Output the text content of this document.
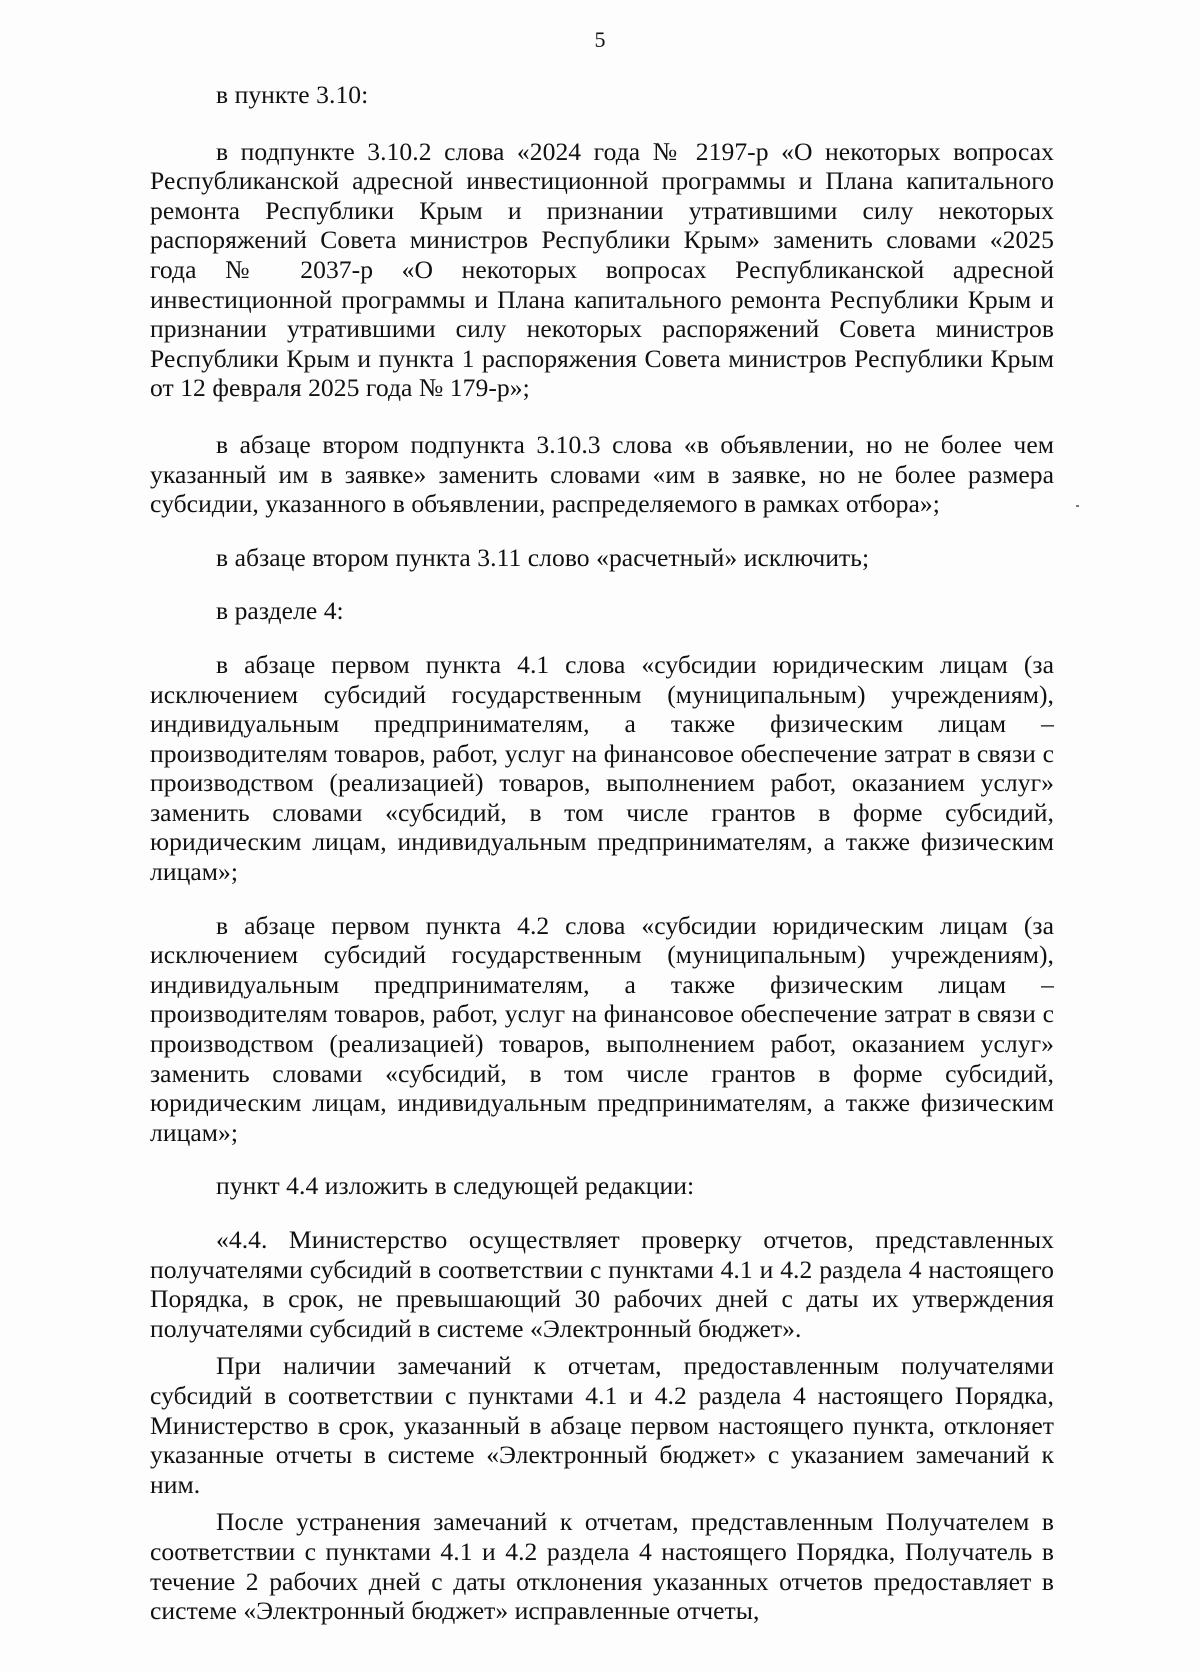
5

в пункте 3.10:

в подпункте 3.10.2 слова «2024 года № 2197-р «О некоторых вопросах Республиканской адресной инвестиционной программы и Плана капитального ремонта Республики Крым и признании утратившими силу некоторых распоряжений Совета министров Республики Крым» заменить словами «2025 года № 2037-р «О некоторых вопросах Республиканской адресной инвестиционной программы и Плана капитального ремонта Республики Крым и признании утратившими силу некоторых распоряжений Совета министров Республики Крым и пункта 1 распоряжения Совета министров Республики Крым от 12 февраля 2025 года № 179-р»;

в абзаце втором подпункта 3.10.3 слова «в объявлении, но не более чем указанный им в заявке» заменить словами «им в заявке, но не более размера субсидии, указанного в объявлении, распределяемого в рамках отбора»;

в абзаце втором пункта 3.11 слово «расчетный» исключить;

в разделе 4:

в абзаце первом пункта 4.1 слова «субсидии юридическим лицам (за исключением субсидий государственным (муниципальным) учреждениям), индивидуальным предпринимателям, а также физическим лицам – производителям товаров, работ, услуг на финансовое обеспечение затрат в связи с производством (реализацией) товаров, выполнением работ, оказанием услуг» заменить словами «субсидий, в том числе грантов в форме субсидий, юридическим лицам, индивидуальным предпринимателям, а также физическим лицам»;

в абзаце первом пункта 4.2 слова «субсидии юридическим лицам (за исключением субсидий государственным (муниципальным) учреждениям), индивидуальным предпринимателям, а также физическим лицам – производителям товаров, работ, услуг на финансовое обеспечение затрат в связи с производством (реализацией) товаров, выполнением работ, оказанием услуг» заменить словами «субсидий, в том числе грантов в форме субсидий, юридическим лицам, индивидуальным предпринимателям, а также физическим лицам»;

пункт 4.4 изложить в следующей редакции:

«4.4. Министерство осуществляет проверку отчетов, представленных получателями субсидий в соответствии с пунктами 4.1 и 4.2 раздела 4 настоящего Порядка, в срок, не превышающий 30 рабочих дней с даты их утверждения получателями субсидий в системе «Электронный бюджет».

При наличии замечаний к отчетам, предоставленным получателями субсидий в соответствии с пунктами 4.1 и 4.2 раздела 4 настоящего Порядка, Министерство в срок, указанный в абзаце первом настоящего пункта, отклоняет указанные отчеты в системе «Электронный бюджет» с указанием замечаний к ним.

После устранения замечаний к отчетам, представленным Получателем в соответствии с пунктами 4.1 и 4.2 раздела 4 настоящего Порядка, Получатель в течение 2 рабочих дней с даты отклонения указанных отчетов предоставляет в системе «Электронный бюджет» исправленные отчеты,
